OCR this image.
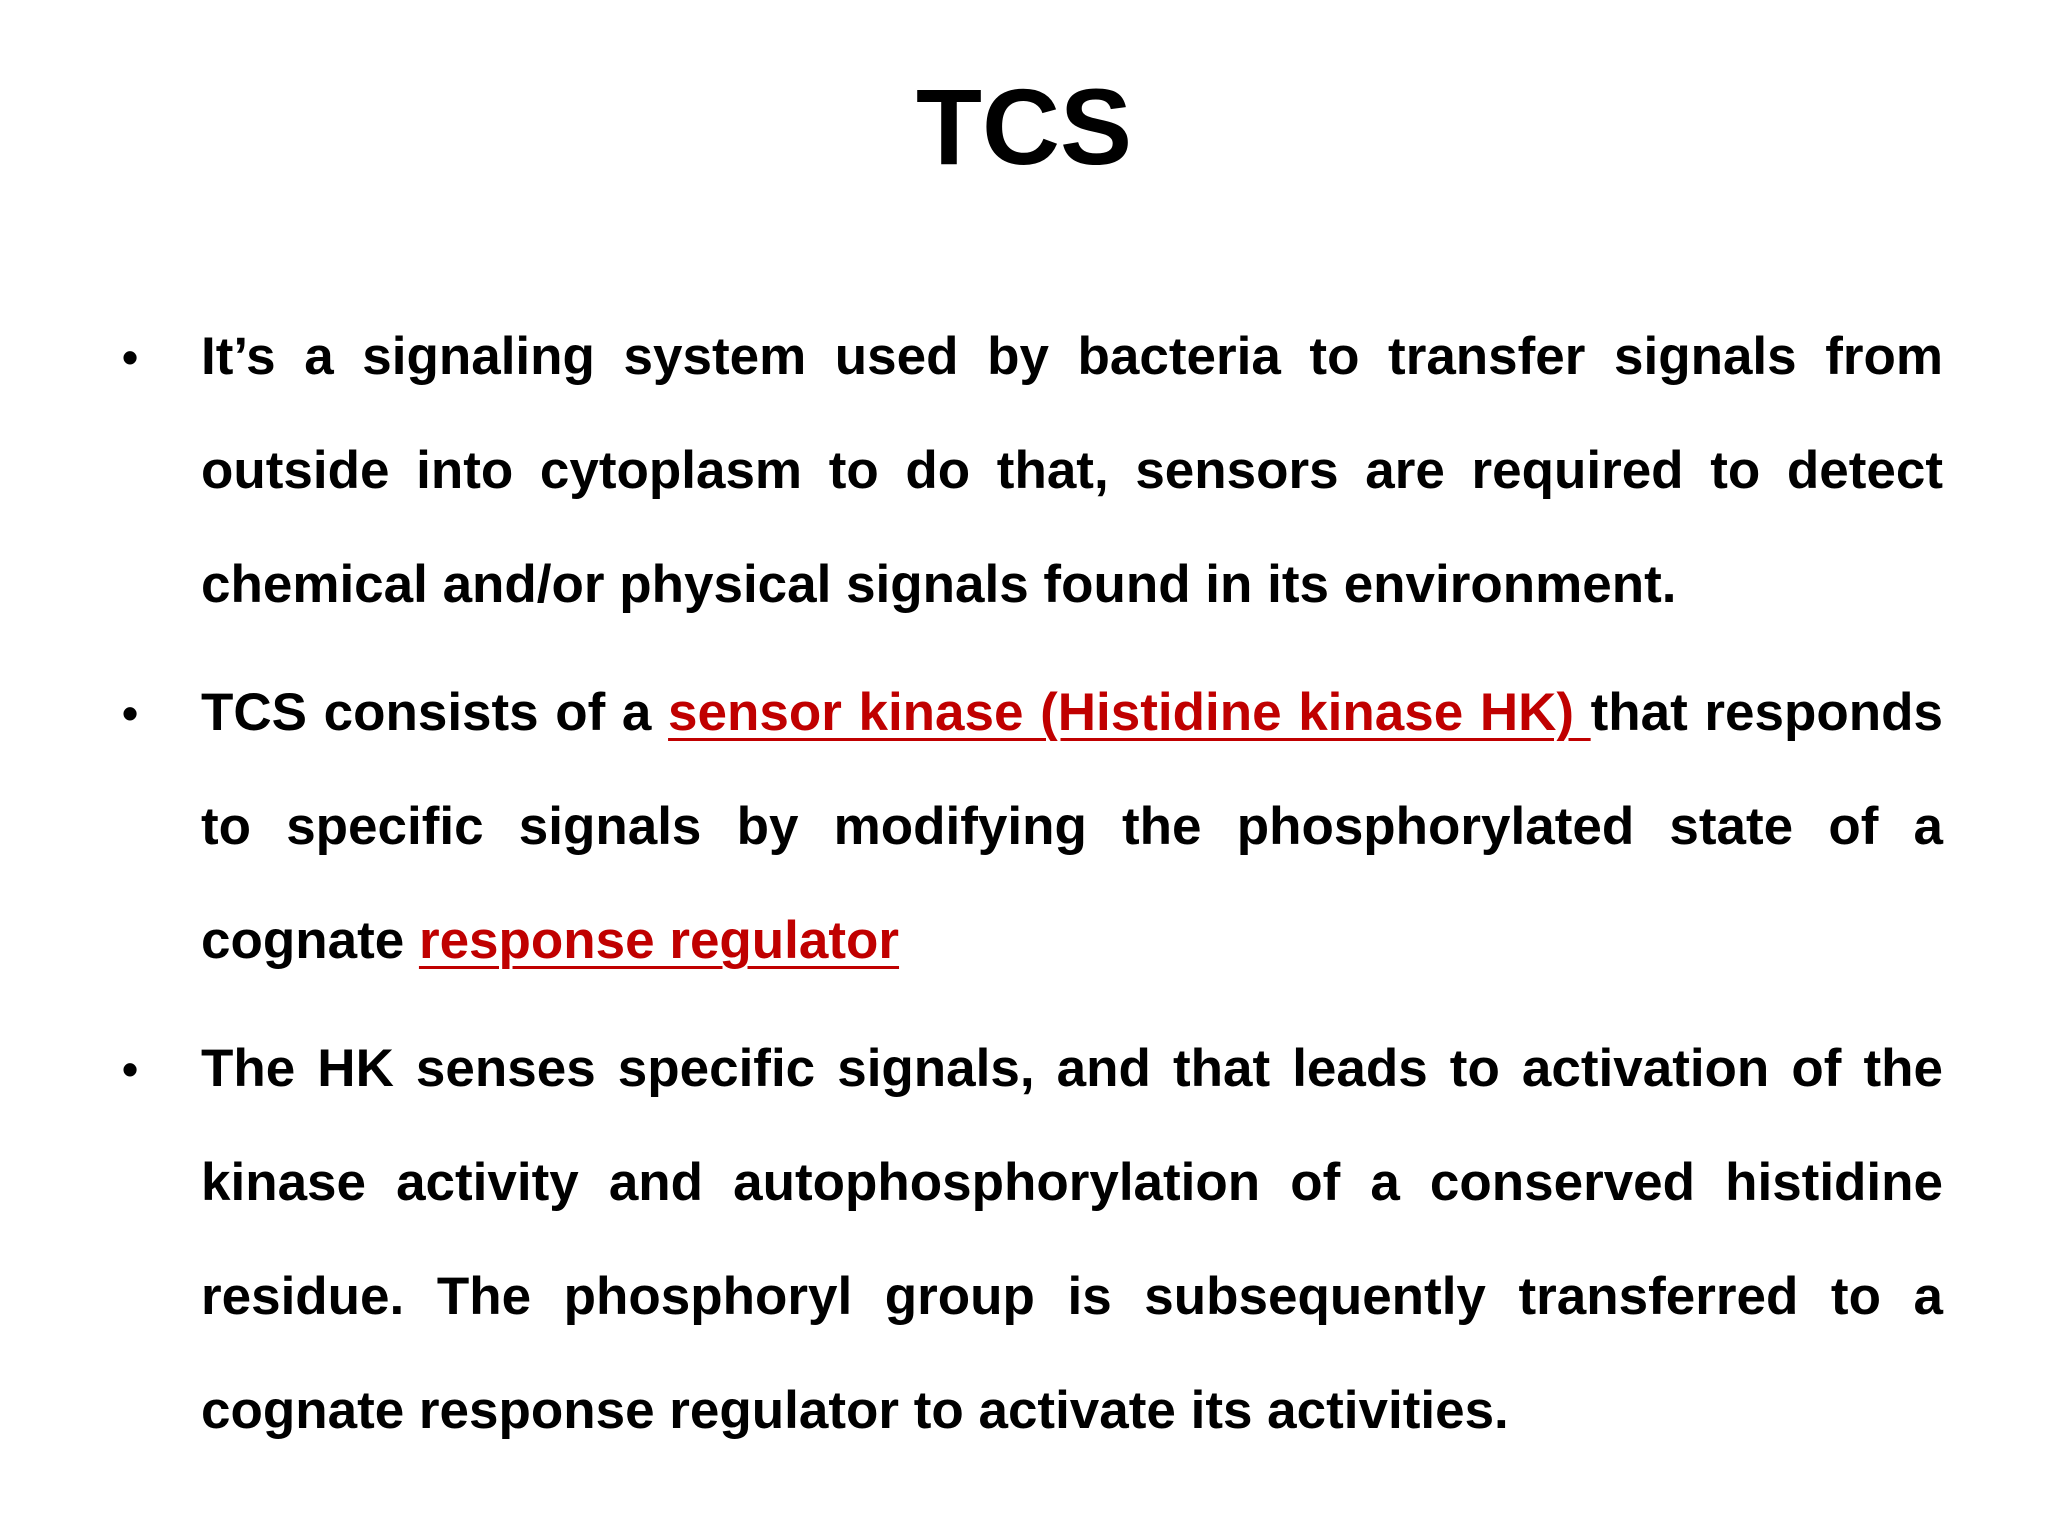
TCS
• It’s a signaling system used by bacteria to transfer signals from outside into cytoplasm to do that, sensors are required to detect chemical and/or physical signals found in its environment.
• TCS consists of a sensor kinase (Histidine kinase HK) that responds to specific signals by modifying the phosphorylated state of a cognate response regulator
• The HK senses specific signals, and that leads to activation of the kinase activity and autophosphorylation of a conserved histidine residue. The phosphoryl group is subsequently transferred to a cognate response regulator to activate its activities.
